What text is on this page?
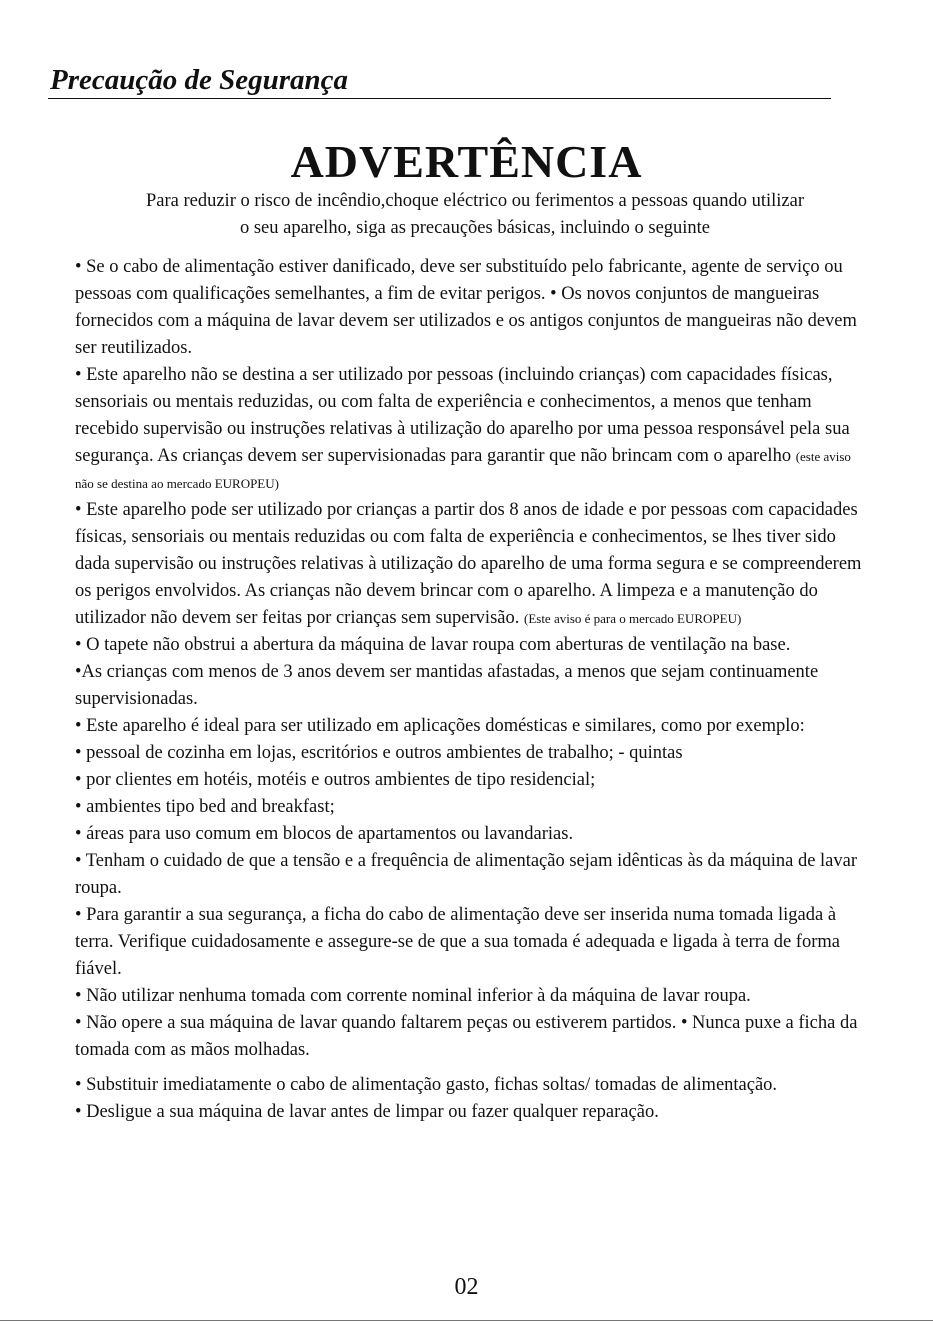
Precaução de Segurança
ADVERTÊNCIA
Para reduzir o risco de incêndio,choque eléctrico ou ferimentos a pessoas quando utilizar
o seu aparelho, siga as precauções básicas, incluindo o seguinte

• Se o cabo de alimentação estiver danificado, deve ser substituído pelo fabricante, agente de serviço ou pessoas com qualificações semelhantes, a fim de evitar perigos. • Os novos conjuntos de mangueiras fornecidos com a máquina de lavar devem ser utilizados e os antigos conjuntos de mangueiras não devem ser reutilizados.

• Este aparelho não se destina a ser utilizado por pessoas (incluindo crianças) com capacidades físicas, sensoriais ou mentais reduzidas, ou com falta de experiência e conhecimentos, a menos que tenham recebido supervisão ou instruções relativas à utilização do aparelho por uma pessoa responsável pela sua segurança. As crianças devem ser supervisionadas para garantir que não brincam com o aparelho (este aviso não se destina ao mercado EUROPEU)

• Este aparelho pode ser utilizado por crianças a partir dos 8 anos de idade e por pessoas com capacidades físicas, sensoriais ou mentais reduzidas ou com falta de experiência e conhecimentos, se lhes tiver sido dada supervisão ou instruções relativas à utilização do aparelho de uma forma segura e se compreenderem os perigos envolvidos. As crianças não devem brincar com o aparelho. A limpeza e a manutenção do utilizador não devem ser feitas por crianças sem supervisão. (Este aviso é para o mercado EUROPEU)

• O tapete não obstrui a abertura da máquina de lavar roupa com aberturas de ventilação na base.

•As crianças com menos de 3 anos devem ser mantidas afastadas, a menos que sejam continuamente supervisionadas.

• Este aparelho é ideal para ser utilizado em aplicações domésticas e similares, como por exemplo:

• pessoal de cozinha em lojas, escritórios e outros ambientes de trabalho; - quintas

• por clientes em hotéis, motéis e outros ambientes de tipo residencial;

• ambientes tipo bed and breakfast;

• áreas para uso comum em blocos de apartamentos ou lavandarias.

• Tenham o cuidado de que a tensão e a frequência de alimentação sejam idênticas às da máquina de lavar roupa.

• Para garantir a sua segurança, a ficha do cabo de alimentação deve ser inserida numa tomada ligada à terra. Verifique cuidadosamente e assegure-se de que a sua tomada é adequada e ligada à terra de forma fiável.

• Não utilizar nenhuma tomada com corrente nominal inferior à da máquina de lavar roupa.

• Não opere a sua máquina de lavar quando faltarem peças ou estiverem partidos. • Nunca puxe a ficha da tomada com as mãos molhadas.

• Substituir imediatamente o cabo de alimentação gasto, fichas soltas/ tomadas de alimentação.

• Desligue a sua máquina de lavar antes de limpar ou fazer qualquer reparação.

02
